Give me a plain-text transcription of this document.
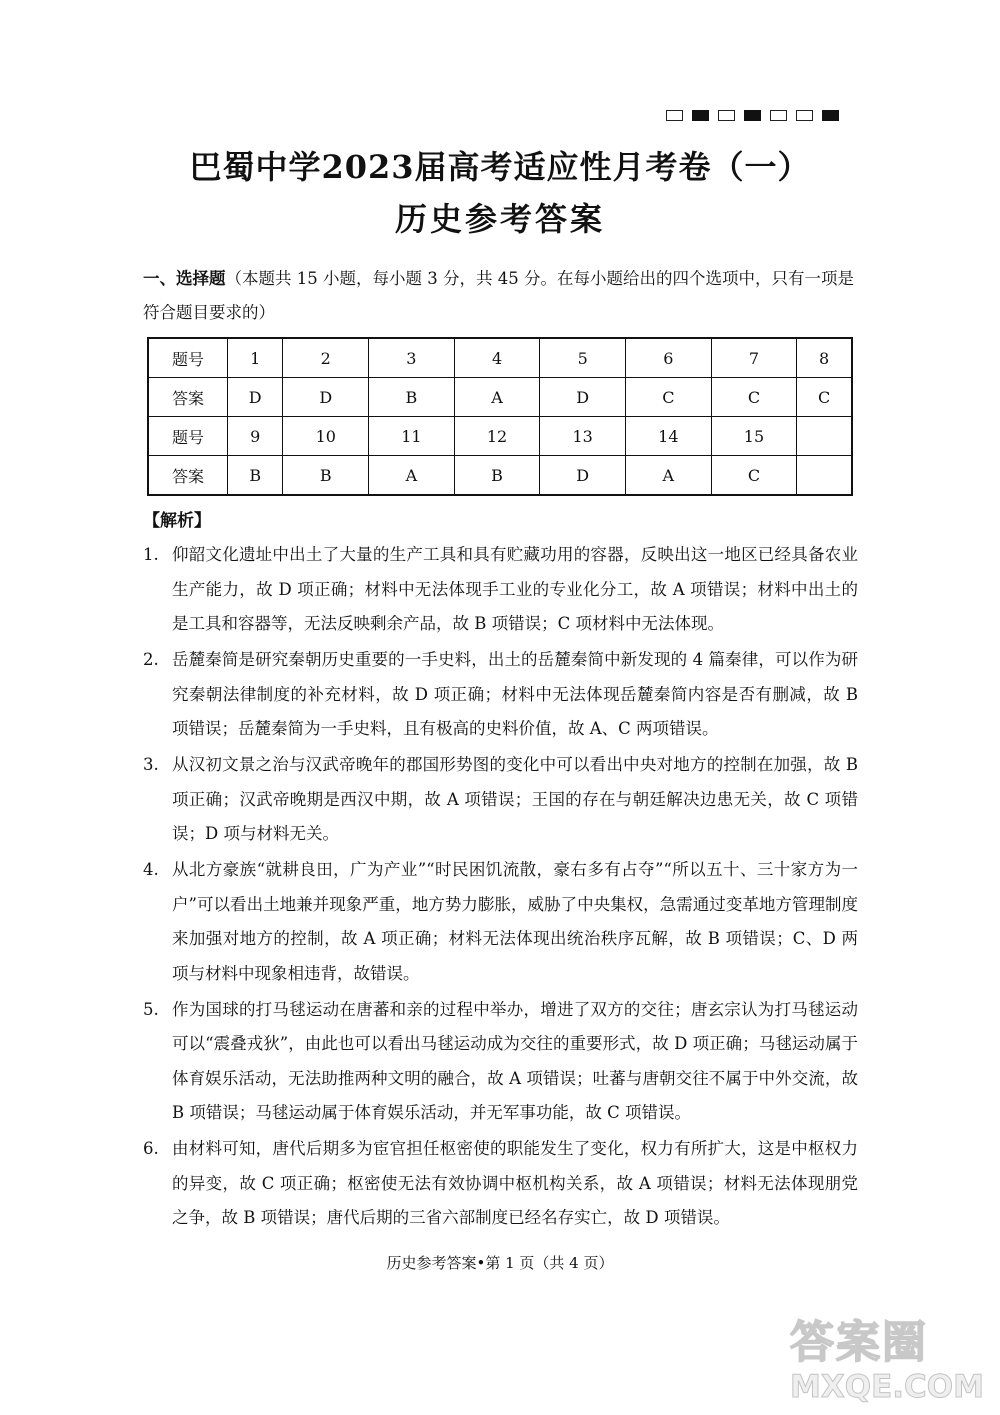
巴蜀中学2023届高考适应性月考卷（一）
历史参考答案
一、选择题（本题共 15 小题，每小题 3 分，共 45 分。在每小题给出的四个选项中，只有一项是符合题目要求的）
题号	1	2	3	4	5	6	7	8
答案	D	D	B	A	D	C	C	C
题号	9	10	11	12	13	14	15	
答案	B	B	A	B	D	A	C	
【解析】
1. 仰韶文化遗址中出土了大量的生产工具和具有贮藏功用的容器，反映出这一地区已经具备农业生产能力，故 D 项正确；材料中无法体现手工业的专业化分工，故 A 项错误；材料中出土的是工具和容器等，无法反映剩余产品，故 B 项错误；C 项材料中无法体现。
2. 岳麓秦简是研究秦朝历史重要的一手史料，出土的岳麓秦简中新发现的 4 篇秦律，可以作为研究秦朝法律制度的补充材料，故 D 项正确；材料中无法体现岳麓秦简内容是否有删减，故 B 项错误；岳麓秦简为一手史料，且有极高的史料价值，故 A、C 两项错误。
3. 从汉初文景之治与汉武帝晚年的郡国形势图的变化中可以看出中央对地方的控制在加强，故 B 项正确；汉武帝晚期是西汉中期，故 A 项错误；王国的存在与朝廷解决边患无关，故 C 项错误；D 项与材料无关。
4. 从北方豪族“就耕良田，广为产业”“时民困饥流散，豪右多有占夺”“所以五十、三十家方为一户”可以看出土地兼并现象严重，地方势力膨胀，威胁了中央集权，急需通过变革地方管理制度来加强对地方的控制，故 A 项正确；材料无法体现出统治秩序瓦解，故 B 项错误；C、D 两项与材料中现象相违背，故错误。
5. 作为国球的打马毬运动在唐蕃和亲的过程中举办，增进了双方的交往；唐玄宗认为打马毬运动可以“震叠戎狄”，由此也可以看出马毬运动成为交往的重要形式，故 D 项正确；马毬运动属于体育娱乐活动，无法助推两种文明的融合，故 A 项错误；吐蕃与唐朝交往不属于中外交流，故 B 项错误；马毬运动属于体育娱乐活动，并无军事功能，故 C 项错误。
6. 由材料可知，唐代后期多为宦官担任枢密使的职能发生了变化，权力有所扩大，这是中枢权力的异变，故 C 项正确；枢密使无法有效协调中枢机构关系，故 A 项错误；材料无法体现朋党之争，故 B 项错误；唐代后期的三省六部制度已经名存实亡，故 D 项错误。
历史参考答案•第 1 页（共 4 页）
答案圈
MXQE.COM
